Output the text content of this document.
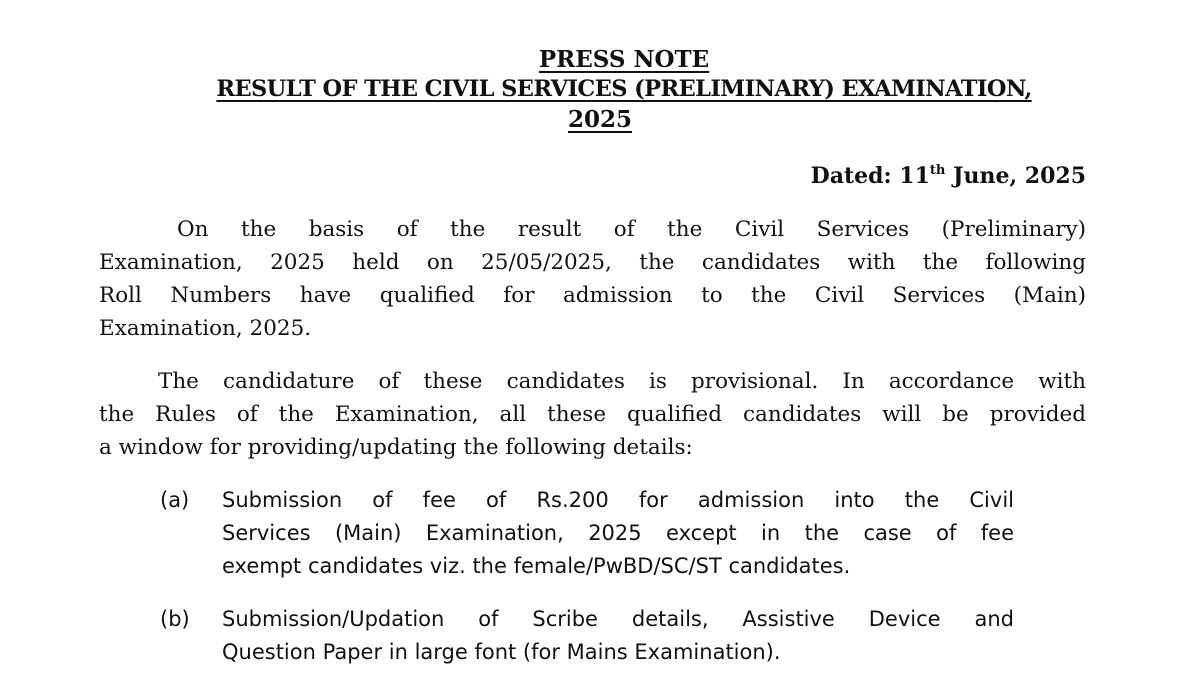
PRESS NOTE
RESULT OF THE CIVIL SERVICES (PRELIMINARY) EXAMINATION,
2025
Dated: 11th June, 2025
On the basis of the result of the Civil Services (Preliminary)
Examination, 2025 held on 25/05/2025, the candidates with the following
Roll Numbers have qualified for admission to the Civil Services (Main)
Examination, 2025.
The candidature of these candidates is provisional. In accordance with
the Rules of the Examination, all these qualified candidates will be provided
a window for providing/updating the following details:
(a)	Submission of fee of Rs.200 for admission into the Civil
Services (Main) Examination, 2025 except in the case of fee
exempt candidates viz. the female/PwBD/SC/ST candidates.
(b)	Submission/Updation of Scribe details, Assistive Device and
Question Paper in large font (for Mains Examination).
